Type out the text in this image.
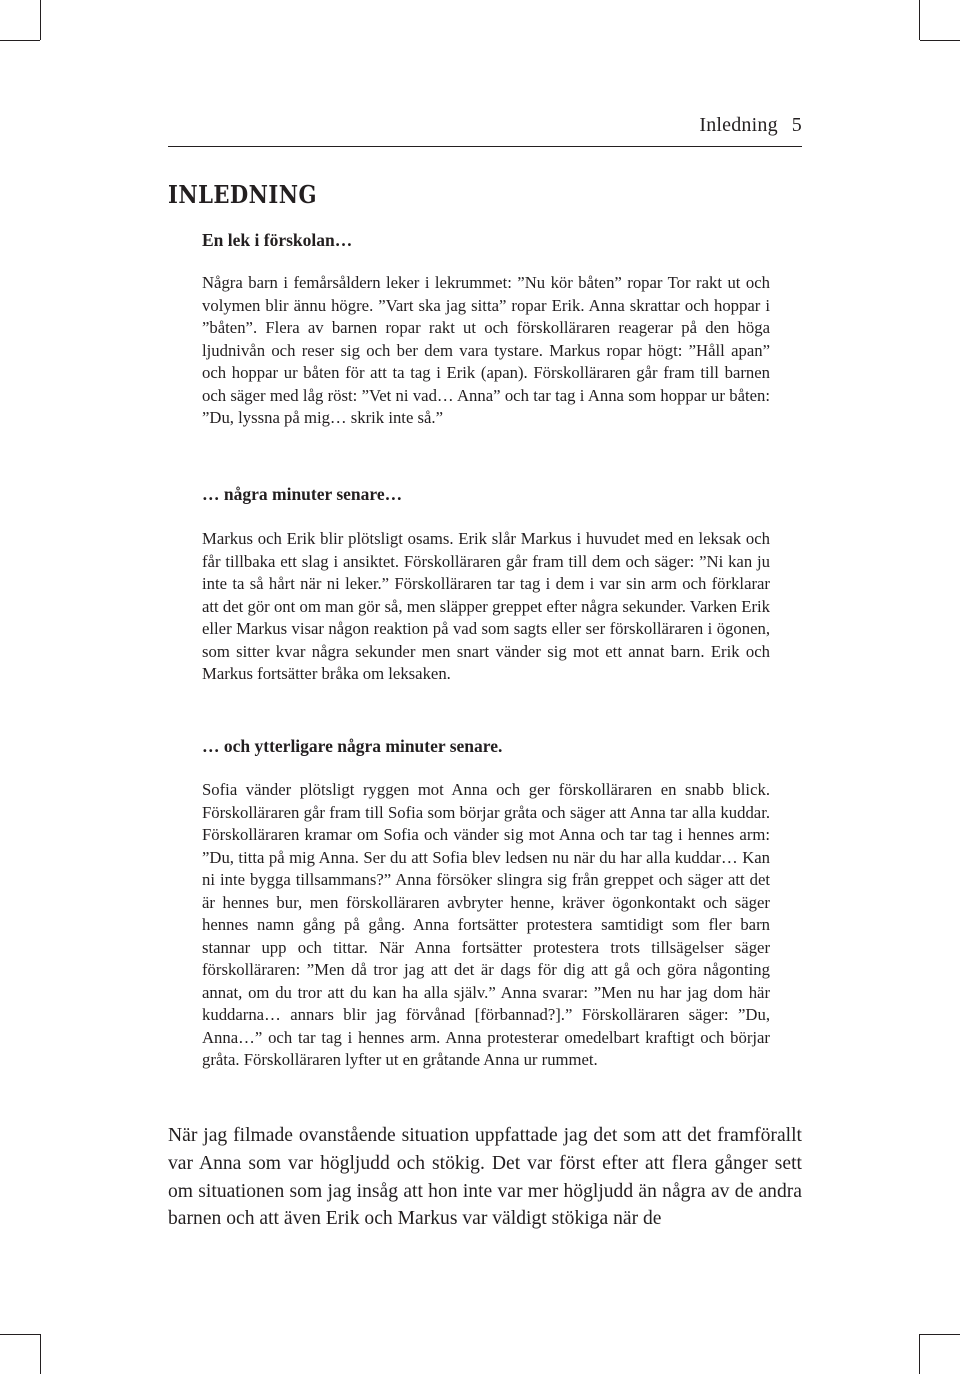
Inledning 5
INLEDNING
En lek i förskolan…

Några barn i femårsåldern leker i lekrummet: ”Nu kör båten” ropar Tor rakt ut och volymen blir ännu högre. ”Vart ska jag sitta” ropar Erik. Anna skrattar och hoppar i ”båten”. Flera av barnen ropar rakt ut och förskolläraren reagerar på den höga ljudnivån och reser sig och ber dem vara tystare. Markus ropar högt: ”Håll apan” och hoppar ur båten för att ta tag i Erik (apan). Förskolläraren går fram till barnen och säger med låg röst: ”Vet ni vad… Anna” och tar tag i Anna som hoppar ur båten: ”Du, lyssna på mig… skrik inte så.”

… några minuter senare…

Markus och Erik blir plötsligt osams. Erik slår Markus i huvudet med en leksak och får tillbaka ett slag i ansiktet. Förskolläraren går fram till dem och säger: ”Ni kan ju inte ta så hårt när ni leker.” Förskolläraren tar tag i dem i var sin arm och förklarar att det gör ont om man gör så, men släpper greppet efter några sekunder. Varken Erik eller Markus visar någon reaktion på vad som sagts eller ser förskolläraren i ögonen, som sitter kvar några sekunder men snart vänder sig mot ett annat barn. Erik och Markus fortsätter bråka om leksaken.

… och ytterligare några minuter senare.

Sofia vänder plötsligt ryggen mot Anna och ger förskolläraren en snabb blick. Förskolläraren går fram till Sofia som börjar gråta och säger att Anna tar alla kuddar. Förskolläraren kramar om Sofia och vänder sig mot Anna och tar tag i hennes arm: ”Du, titta på mig Anna. Ser du att Sofia blev ledsen nu när du har alla kuddar… Kan ni inte bygga tillsammans?” Anna försöker slingra sig från greppet och säger att det är hennes bur, men förskolläraren avbryter henne, kräver ögonkontakt och säger hennes namn gång på gång. Anna fortsätter protestera samtidigt som fler barn stannar upp och tittar. När Anna fortsätter protestera trots tillsägelser säger förskolläraren: ”Men då tror jag att det är dags för dig att gå och göra någonting annat, om du tror att du kan ha alla själv.” Anna svarar: ”Men nu har jag dom här kuddarna… annars blir jag förvånad [förbannad?].” Förskolläraren säger: ”Du, Anna…” och tar tag i hennes arm. Anna protesterar omedelbart kraftigt och börjar gråta. Förskolläraren lyfter ut en gråtande Anna ur rummet.

När jag filmade ovanstående situation uppfattade jag det som att det framförallt var Anna som var högljudd och stökig. Det var först efter att flera gånger sett om situationen som jag insåg att hon inte var mer högljudd än några av de andra barnen och att även Erik och Markus var väldigt stökiga när de
